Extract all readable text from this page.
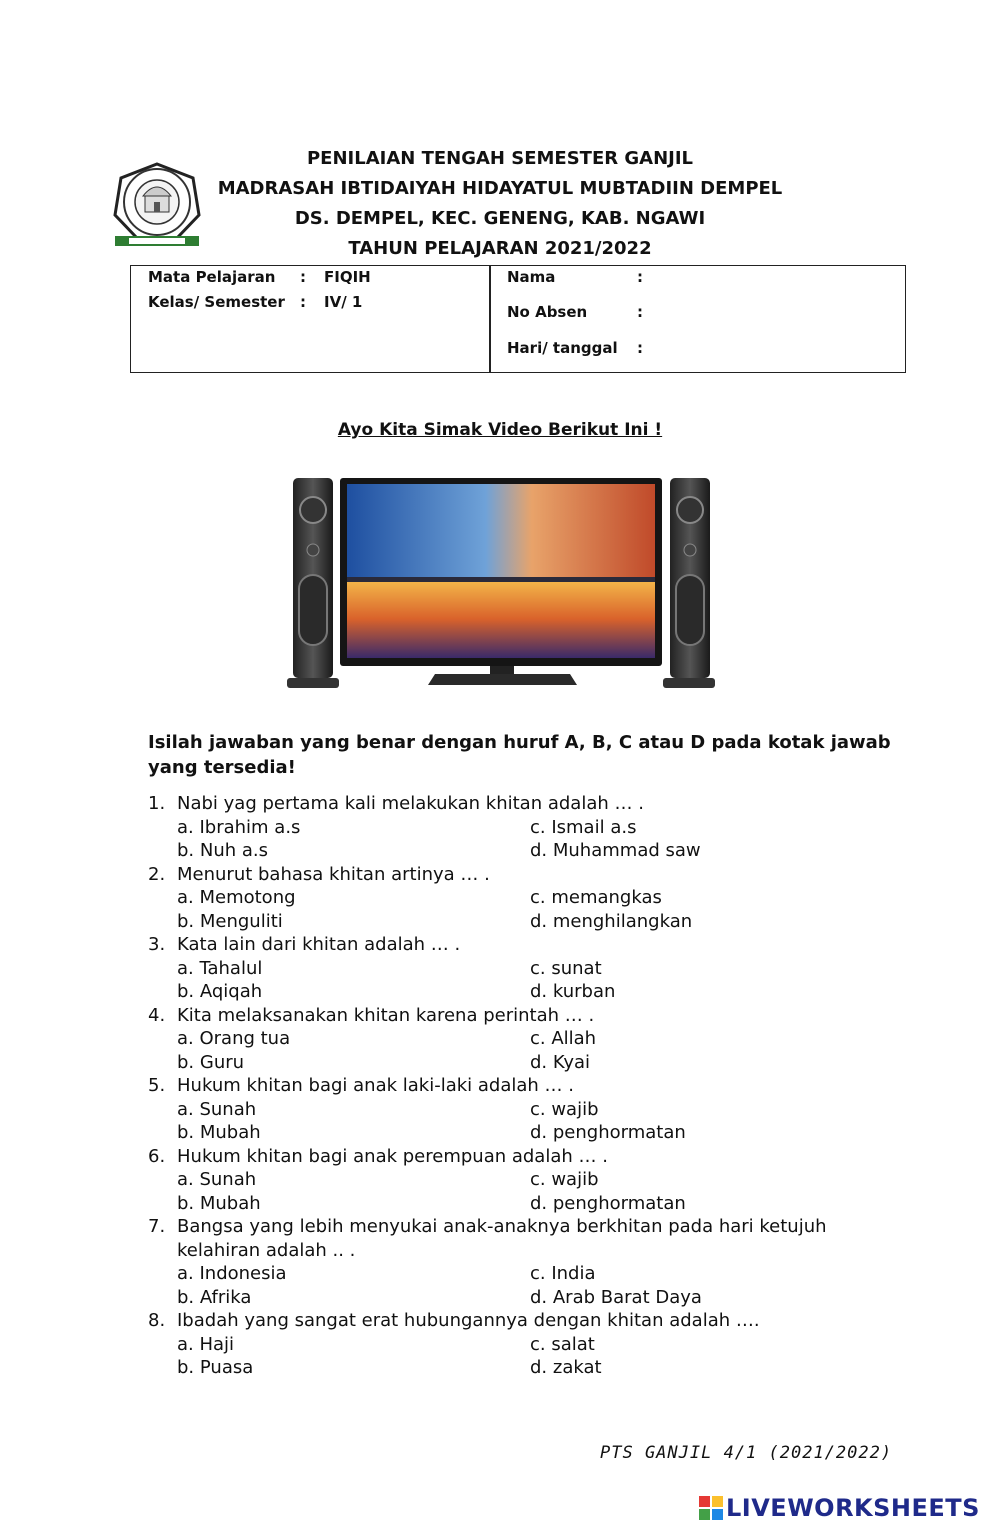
PENILAIAN TENGAH SEMESTER GANJIL
MADRASAH IBTIDAIYAH HIDAYATUL MUBTADIIN DEMPEL
DS. DEMPEL, KEC. GENENG, KAB. NGAWI
TAHUN PELAJARAN 2021/2022
Mata Pelajaran : FIQIH
Kelas/ Semester : IV/ 1
Nama	:
No Absen	:
Hari/ tanggal :
Ayo Kita Simak Video Berikut Ini !
Isilah jawaban yang benar dengan huruf A, B, C atau D pada kotak jawab yang tersedia!
1. Nabi yag pertama kali melakukan khitan adalah … .
a. Ibrahim a.s	c. Ismail a.s
b. Nuh a.s	d. Muhammad saw
2. Menurut bahasa khitan artinya … .
a. Memotong	c. memangkas
b. Menguliti	d. menghilangkan
3. Kata lain dari khitan adalah … .
a. Tahalul	c. sunat
b. Aqiqah	d. kurban
4. Kita melaksanakan khitan karena perintah … .
a. Orang tua	c. Allah
b. Guru	d. Kyai
5. Hukum khitan bagi anak laki-laki adalah … .
a. Sunah	c. wajib
b. Mubah	d. penghormatan
6. Hukum khitan bagi anak perempuan adalah … .
a. Sunah	c. wajib
b. Mubah	d. penghormatan
7. Bangsa yang lebih menyukai anak-anaknya berkhitan pada hari ketujuh
kelahiran adalah .. .
a. Indonesia	c. India
b. Afrika	d. Arab Barat Daya
8. Ibadah yang sangat erat hubungannya dengan khitan adalah ….
a. Haji	c. salat
b. Puasa	d. zakat
PTS GANJIL 4/1 (2021/2022)
LIVEWORKSHEETS
